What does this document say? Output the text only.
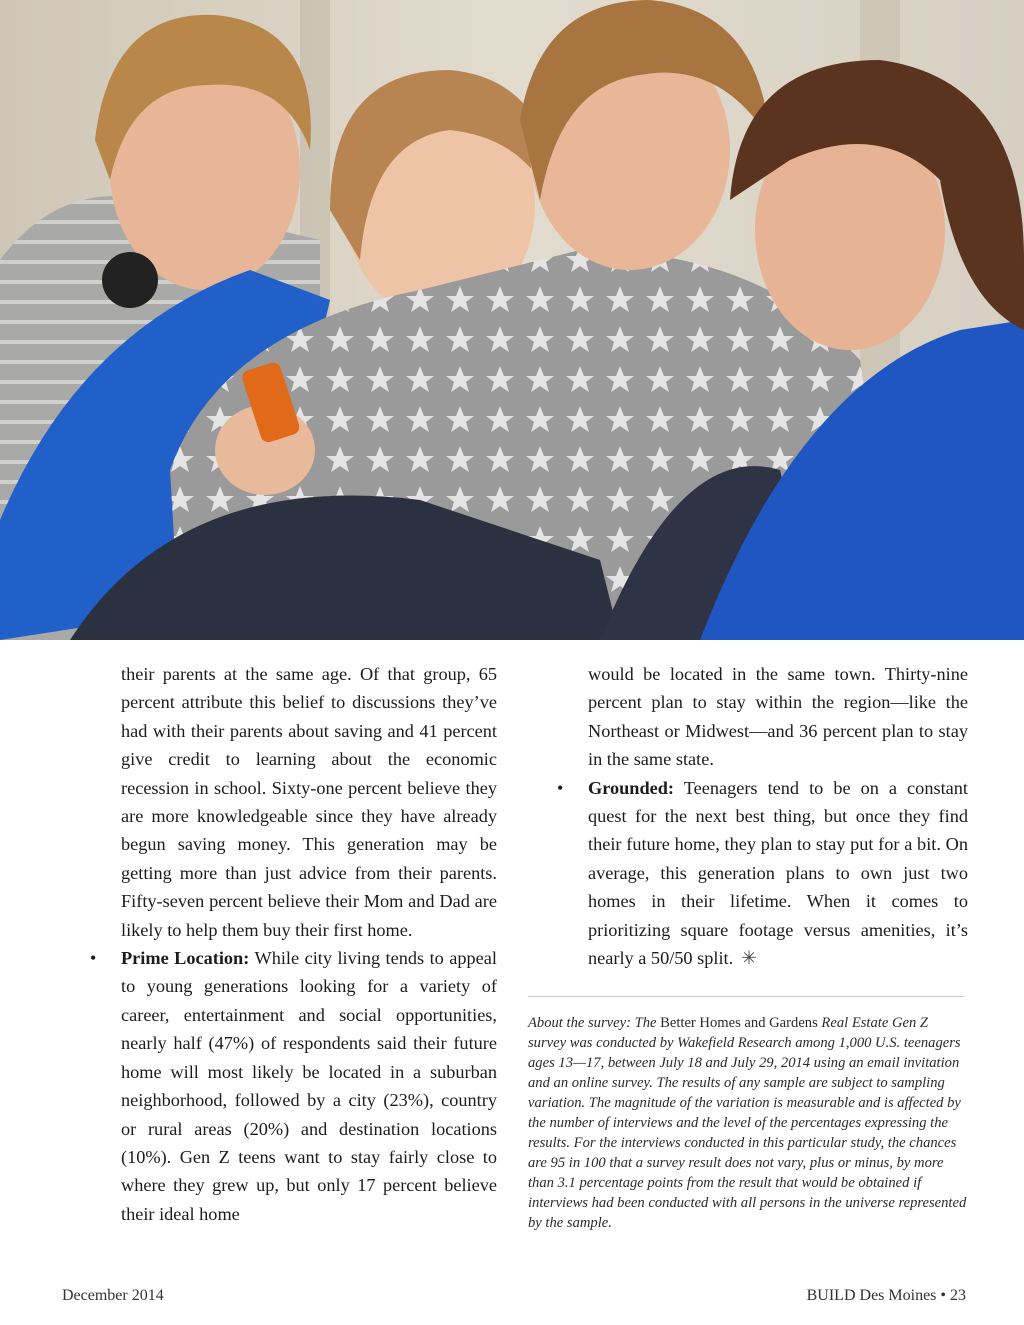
their parents at the same age. Of that group, 65 percent attribute this belief to discussions they’ve had with their parents about saving and 41 percent give credit to learning about the economic recession in school. Sixty-one percent believe they are more knowledgeable since they have already begun saving money. This generation may be getting more than just advice from their parents. Fifty-seven percent believe their Mom and Dad are likely to help them buy their first home.

• Prime Location: While city living tends to appeal to young generations looking for a variety of career, entertainment and social opportunities, nearly half (47%) of respondents said their future home will most likely be located in a suburban neighborhood, followed by a city (23%), country or rural areas (20%) and destination locations (10%). Gen Z teens want to stay fairly close to where they grew up, but only 17 percent believe their ideal home

would be located in the same town. Thirty-nine percent plan to stay within the region—like the Northeast or Midwest—and 36 percent plan to stay in the same state.

• Grounded: Teenagers tend to be on a constant quest for the next best thing, but once they find their future home, they plan to stay put for a bit. On average, this generation plans to own just two homes in their lifetime. When it comes to prioritizing square footage versus amenities, it’s nearly a 50/50 split. ✳

About the survey: The Better Homes and Gardens Real Estate Gen Z survey was conducted by Wakefield Research among 1,000 U.S. teenagers ages 13—17, between July 18 and July 29, 2014 using an email invitation and an online survey. The results of any sample are subject to sampling variation. The magnitude of the variation is measurable and is affected by the number of interviews and the level of the percentages expressing the results. For the interviews conducted in this particular study, the chances are 95 in 100 that a survey result does not vary, plus or minus, by more than 3.1 percentage points from the result that would be obtained if interviews had been conducted with all persons in the universe represented by the sample.

December 2014	BUILD Des Moines • 23
